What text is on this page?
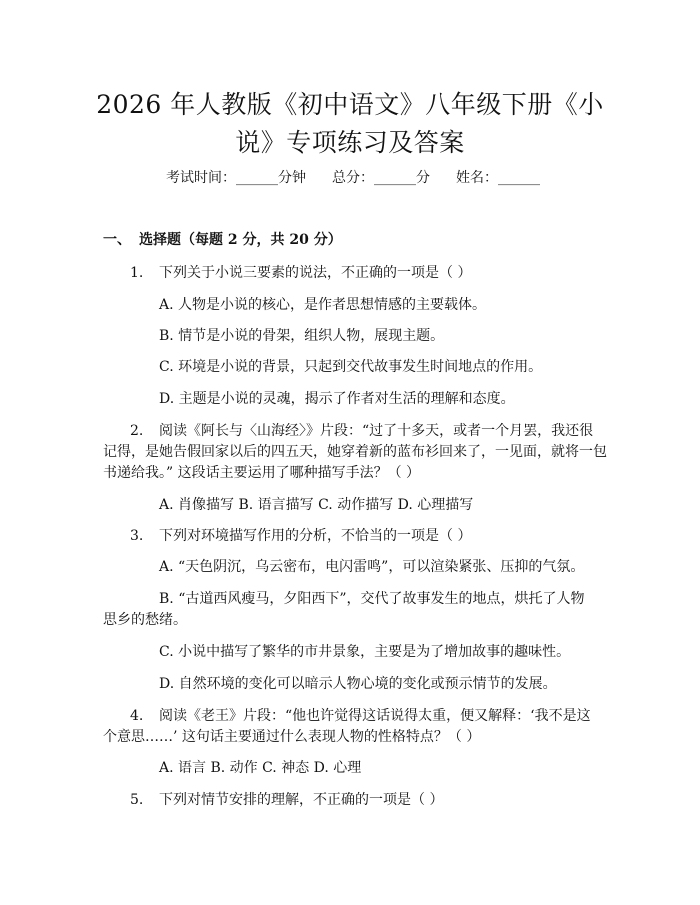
2026 年人教版《初中语文》八年级下册《小
说》专项练习及答案
考试时间：______分钟 总分：______分 姓名：______
一、 选择题（每题 2 分，共 20 分）
1. 下列关于小说三要素的说法，不正确的一项是（ ）
A. 人物是小说的核心，是作者思想情感的主要载体。
B. 情节是小说的骨架，组织人物，展现主题。
C. 环境是小说的背景，只起到交代故事发生时间地点的作用。
D. 主题是小说的灵魂，揭示了作者对生活的理解和态度。
2. 阅读《阿长与〈山海经〉》片段：“过了十多天，或者一个月罢，我还很
记得，是她告假回家以后的四五天，她穿着新的蓝布衫回来了，一见面，就将一包
书递给我。” 这段话主要运用了哪种描写手法？（ ）
A. 肖像描写 B. 语言描写 C. 动作描写 D. 心理描写
3. 下列对环境描写作用的分析，不恰当的一项是（ ）
A. “天色阴沉，乌云密布，电闪雷鸣”，可以渲染紧张、压抑的气氛。
B. “古道西风瘦马，夕阳西下”，交代了故事发生的地点，烘托了人物
思乡的愁绪。
C. 小说中描写了繁华的市井景象，主要是为了增加故事的趣味性。
D. 自然环境的变化可以暗示人物心境的变化或预示情节的发展。
4. 阅读《老王》片段：“他也许觉得这话说得太重，便又解释：‘我不是这
个意思……’ 这句话主要通过什么表现人物的性格特点？（ ）
A. 语言 B. 动作 C. 神态 D. 心理
5. 下列对情节安排的理解，不正确的一项是（ ）
